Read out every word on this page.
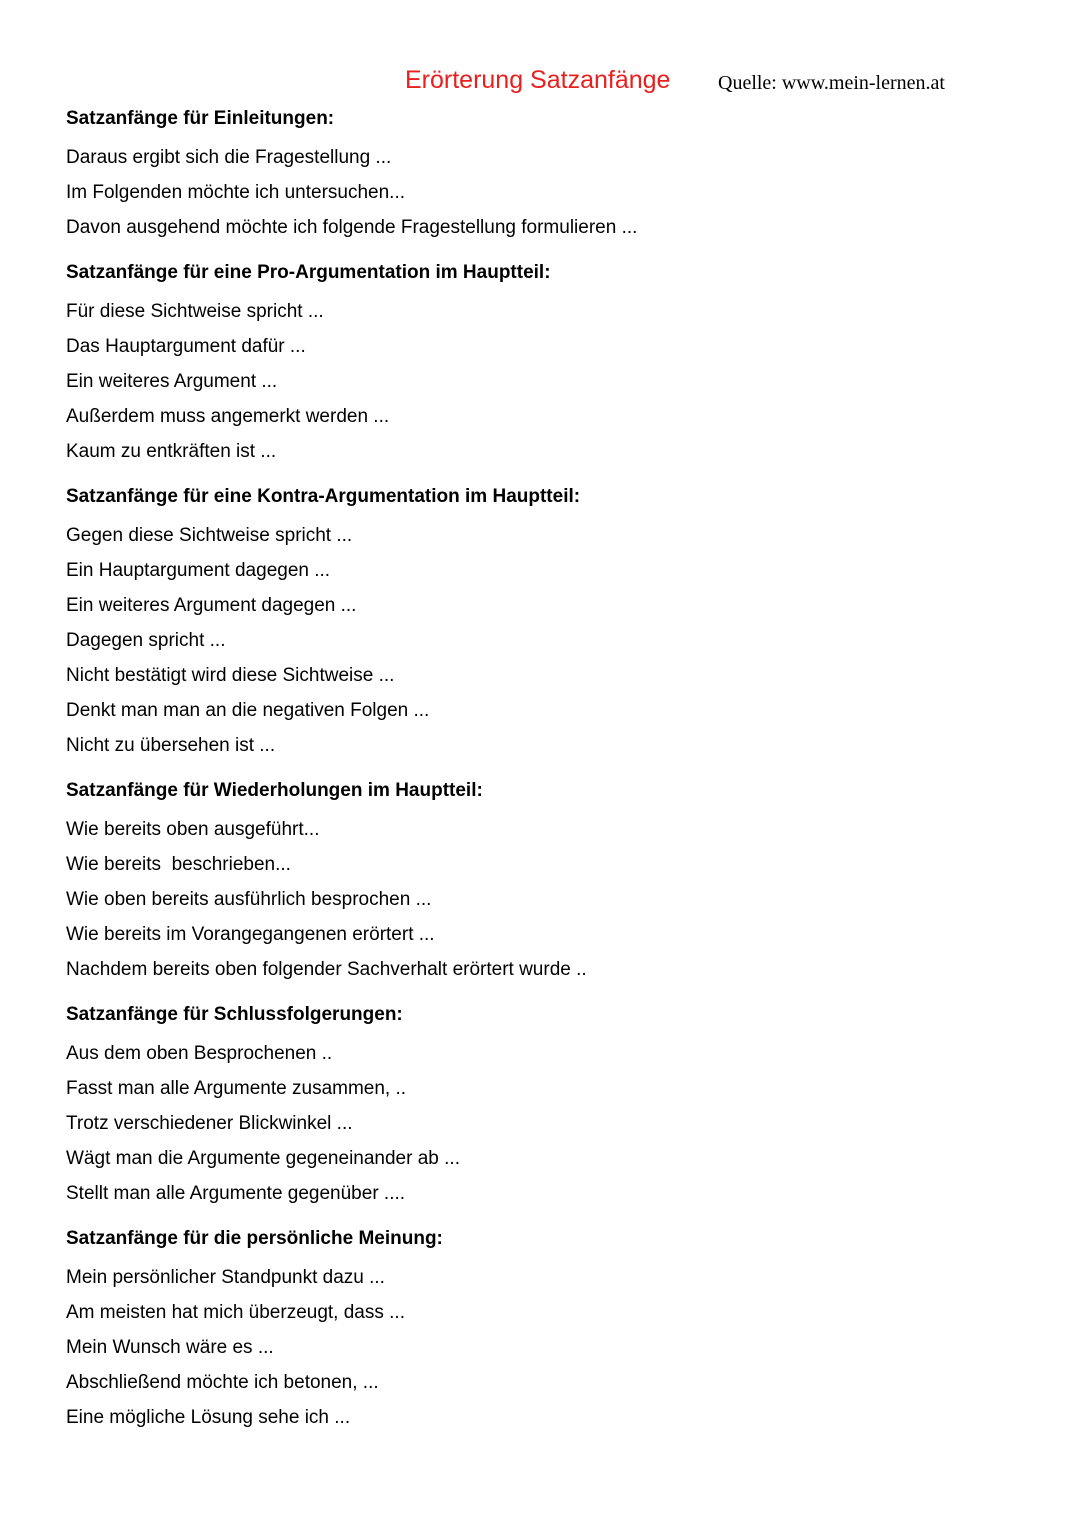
Erörterung Satzanfänge Quelle: www.mein-lernen.at
Satzanfänge für Einleitungen:
Daraus ergibt sich die Fragestellung ...
Im Folgenden möchte ich untersuchen...
Davon ausgehend möchte ich folgende Fragestellung formulieren ...
Satzanfänge für eine Pro-Argumentation im Hauptteil:
Für diese Sichtweise spricht ...
Das Hauptargument dafür ...
Ein weiteres Argument ...
Außerdem muss angemerkt werden ...
Kaum zu entkräften ist ...
Satzanfänge für eine Kontra-Argumentation im Hauptteil:
Gegen diese Sichtweise spricht ...
Ein Hauptargument dagegen ...
Ein weiteres Argument dagegen ...
Dagegen spricht ...
Nicht bestätigt wird diese Sichtweise ...
Denkt man man an die negativen Folgen ...
Nicht zu übersehen ist ...
Satzanfänge für Wiederholungen im Hauptteil:
Wie bereits oben ausgeführt...
Wie bereits  beschrieben...
Wie oben bereits ausführlich besprochen ...
Wie bereits im Vorangegangenen erörtert ...
Nachdem bereits oben folgender Sachverhalt erörtert wurde ..
Satzanfänge für Schlussfolgerungen:
Aus dem oben Besprochenen ..
Fasst man alle Argumente zusammen, ..
Trotz verschiedener Blickwinkel ...
Wägt man die Argumente gegeneinander ab ...
Stellt man alle Argumente gegenüber ....
Satzanfänge für die persönliche Meinung:
Mein persönlicher Standpunkt dazu ...
Am meisten hat mich überzeugt, dass ...
Mein Wunsch wäre es ...
Abschließend möchte ich betonen, ...
Eine mögliche Lösung sehe ich ...
